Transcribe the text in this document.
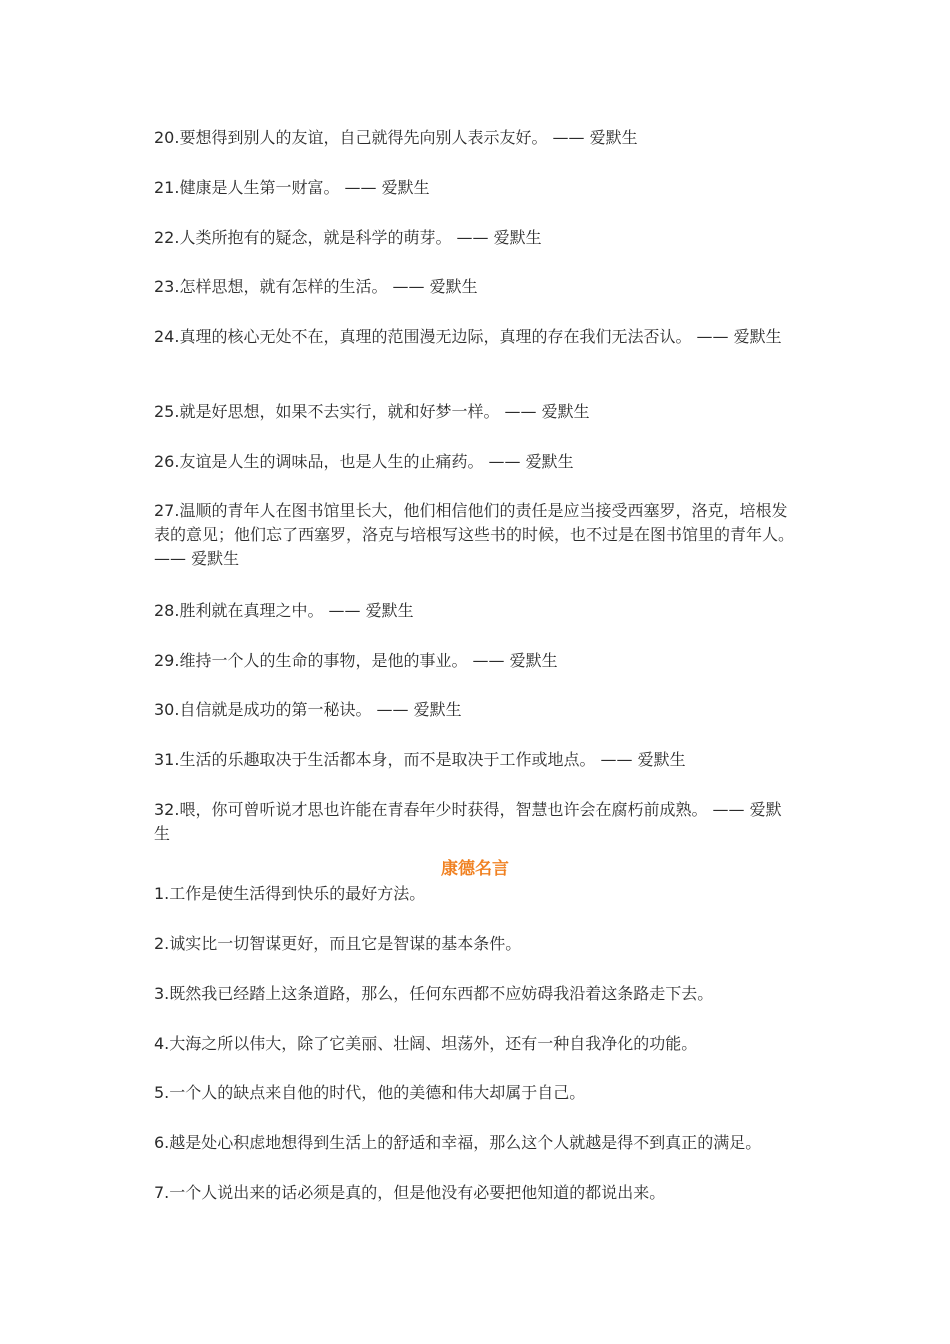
20.要想得到别人的友谊，自己就得先向别人表示友好。 —— 爱默生

21.健康是人生第一财富。 —— 爱默生

22.人类所抱有的疑念，就是科学的萌芽。 —— 爱默生

23.怎样思想，就有怎样的生活。 —— 爱默生

24.真理的核心无处不在，真理的范围漫无边际，真理的存在我们无法否认。 —— 爱默生

25.就是好思想，如果不去实行，就和好梦一样。 —— 爱默生

26.友谊是人生的调味品，也是人生的止痛药。 —— 爱默生

27.温顺的青年人在图书馆里长大，他们相信他们的责任是应当接受西塞罗，洛克，培根发表的意见；他们忘了西塞罗，洛克与培根写这些书的时候，也不过是在图书馆里的青年人。 —— 爱默生

28.胜利就在真理之中。 —— 爱默生

29.维持一个人的生命的事物，是他的事业。 —— 爱默生

30.自信就是成功的第一秘诀。 —— 爱默生

31.生活的乐趣取决于生活都本身，而不是取决于工作或地点。 —— 爱默生

32.喂，你可曾听说才思也许能在青春年少时获得，智慧也许会在腐朽前成熟。 —— 爱默生

康德名言

1.工作是使生活得到快乐的最好方法。

2.诚实比一切智谋更好，而且它是智谋的基本条件。

3.既然我已经踏上这条道路，那么，任何东西都不应妨碍我沿着这条路走下去。

4.大海之所以伟大，除了它美丽、壮阔、坦荡外，还有一种自我净化的功能。

5.一个人的缺点来自他的时代，他的美德和伟大却属于自己。

6.越是处心积虑地想得到生活上的舒适和幸福，那么这个人就越是得不到真正的满足。

7.一个人说出来的话必须是真的，但是他没有必要把他知道的都说出来。
